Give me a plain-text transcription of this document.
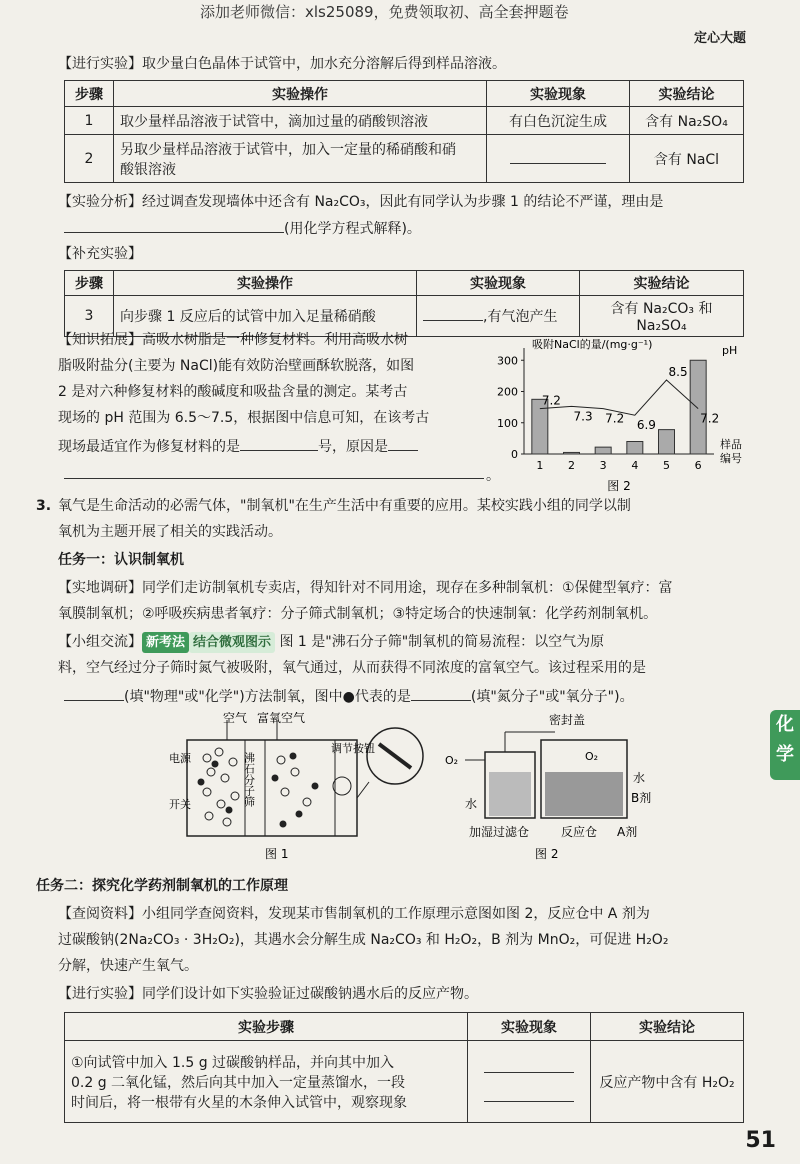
添加老师微信：xls25089，免费领取初、高全套押题卷
定心大题
【进行实验】取少量白色晶体于试管中，加水充分溶解后得到样品溶液。
步骤	实验操作	实验现象	实验结论
1	取少量样品溶液于试管中，滴加过量的硝酸钡溶液	有白色沉淀生成	含有 Na₂SO₄
2	另取少量样品溶液于试管中，加入一定量的稀硝酸和硝
酸银溶液		含有 NaCl
【实验分析】经过调查发现墙体中还含有 Na₂CO₃，因此有同学认为步骤 1 的结论不严谨，理由是
(用化学方程式解释)。
【补充实验】
步骤	实验操作	实验现象	实验结论
3	向步骤 1 反应后的试管中加入足量稀硝酸	,有气泡产生	含有 Na₂CO₃ 和 Na₂SO₄
【知识拓展】高吸水树脂是一种修复材料。利用高吸水树
脂吸附盐分(主要为 NaCl)能有效防治壁画酥软脱落，如图
2 是对六种修复材料的酸碱度和吸盐含量的测定。某考古
现场的 pH 范围为 6.5～7.5，根据图中信息可知，在该考古
现场最适宜作为修复材料的是	号，原因是
。
吸附NaCl的量/(mg·g⁻¹)	pH
0
100
200
300
1 2 3 4 5 6
7.2
7.3 7.2 6.9
8.5
7.2
样品
编号
图 2
3. 氧气是生命活动的必需气体，"制氧机"在生产生活中有重要的应用。某校实践小组的同学以制
氧机为主题开展了相关的实践活动。
任务一：认识制氧机
【实地调研】同学们走访制氧机专卖店，得知针对不同用途，现存在多种制氧机：①保健型氧疗：富
氧膜制氧机；②呼吸疾病患者氧疗：分子筛式制氧机；③特定场合的快速制氧：化学药剂制氧机。
【小组交流】 新考法 结合微观图示 图 1 是"沸石分子筛"制氧机的简易流程：以空气为原
料，空气经过分子筛时氮气被吸附，氧气通过，从而获得不同浓度的富氧空气。该过程采用的是
(填"物理"或"化学")方法制氧，图中●代表的是	(填"氮分子"或"氧分子")。
空气 富氧空气
电源
开关	沸石分子筛
调节按钮
图 1
O₂
密封盖
O₂
水
B剂
水
加湿过滤仓	反应仓 A剂
图 2
化学
任务二：探究化学药剂制氧机的工作原理
【查阅资料】小组同学查阅资料，发现某市售制氧机的工作原理示意图如图 2，反应仓中 A 剂为
过碳酸钠(2Na₂CO₃ · 3H₂O₂)，其遇水会分解生成 Na₂CO₃ 和 H₂O₂，B 剂为 MnO₂，可促进 H₂O₂
分解，快速产生氧气。
【进行实验】同学们设计如下实验验证过碳酸钠遇水后的反应产物。
实验步骤	实验现象	实验结论

①向试管中加入 1.5 g 过碳酸钠样品，并向其中加入
0.2 g 二氧化锰，然后向其中加入一定量蒸馏水，一段
时间后，将一根带有火星的木条伸入试管中，观察现象		反应产物中含有 H₂O₂
51
